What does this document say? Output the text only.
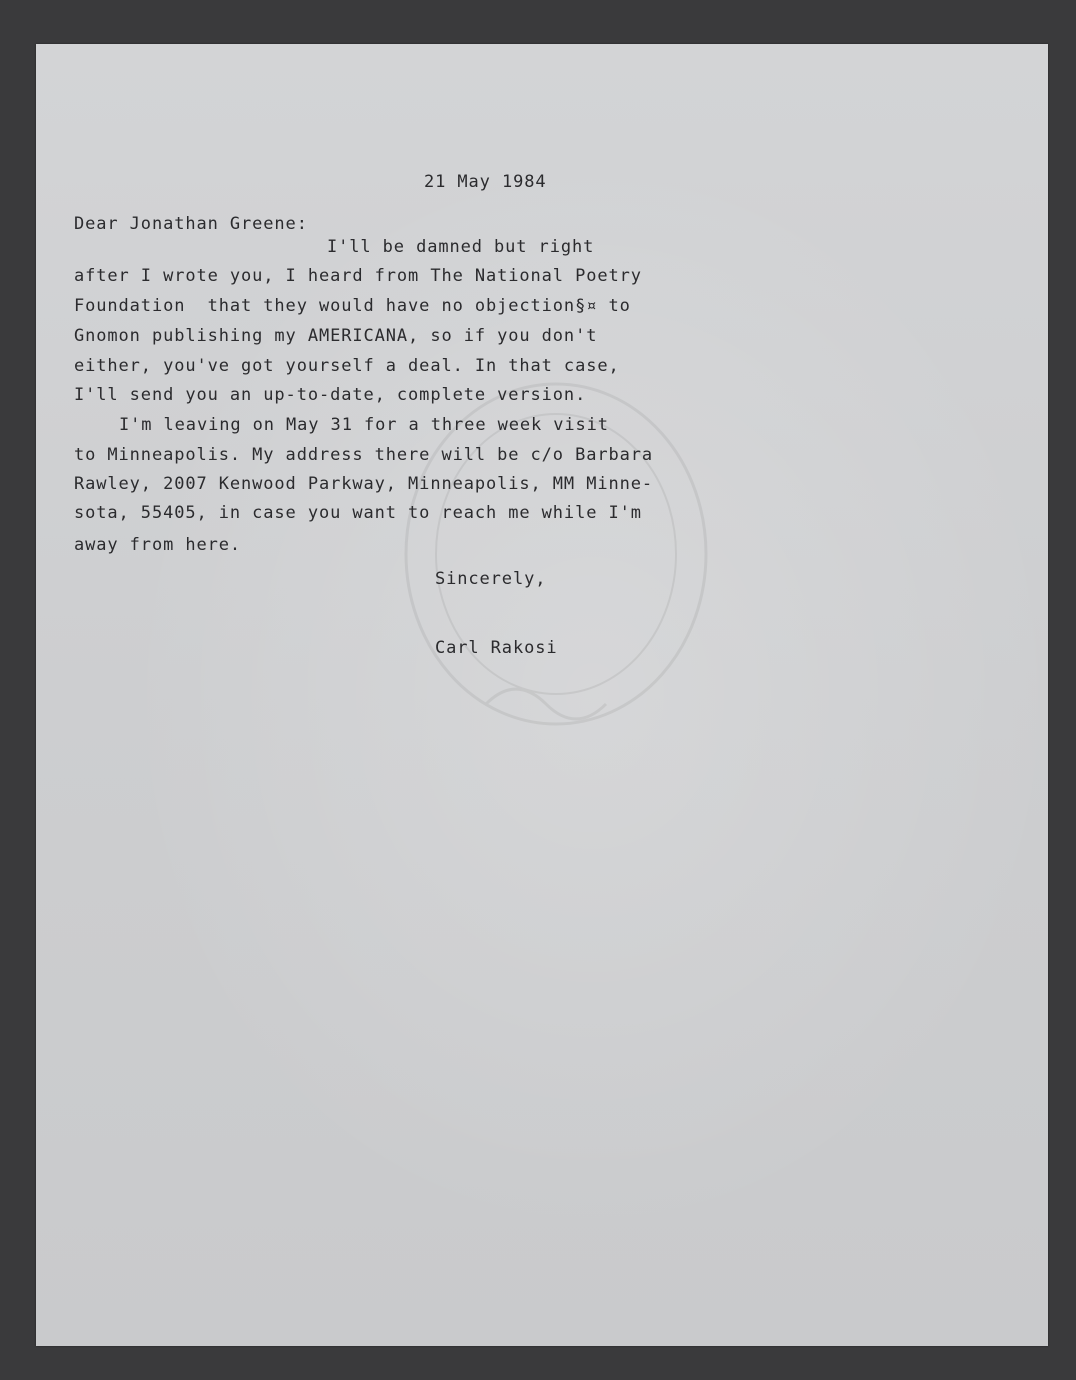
21 May 1984
Dear Jonathan Greene:
I'll be damned but right
after I wrote you, I heard from The National Poetry
Foundation  that they would have no objection§¤ to
Gnomon publishing my AMERICANA, so if you don't
either, you've got yourself a deal. In that case,
I'll send you an up-to-date, complete version.
I'm leaving on May 31 for a three week visit
to Minneapolis. My address there will be c/o Barbara
Rawley, 2007 Kenwood Parkway, Minneapolis, MM Minne-
sota, 55405, in case you want to reach me while I'm
away from here.
Sincerely,
Carl Rakosi
